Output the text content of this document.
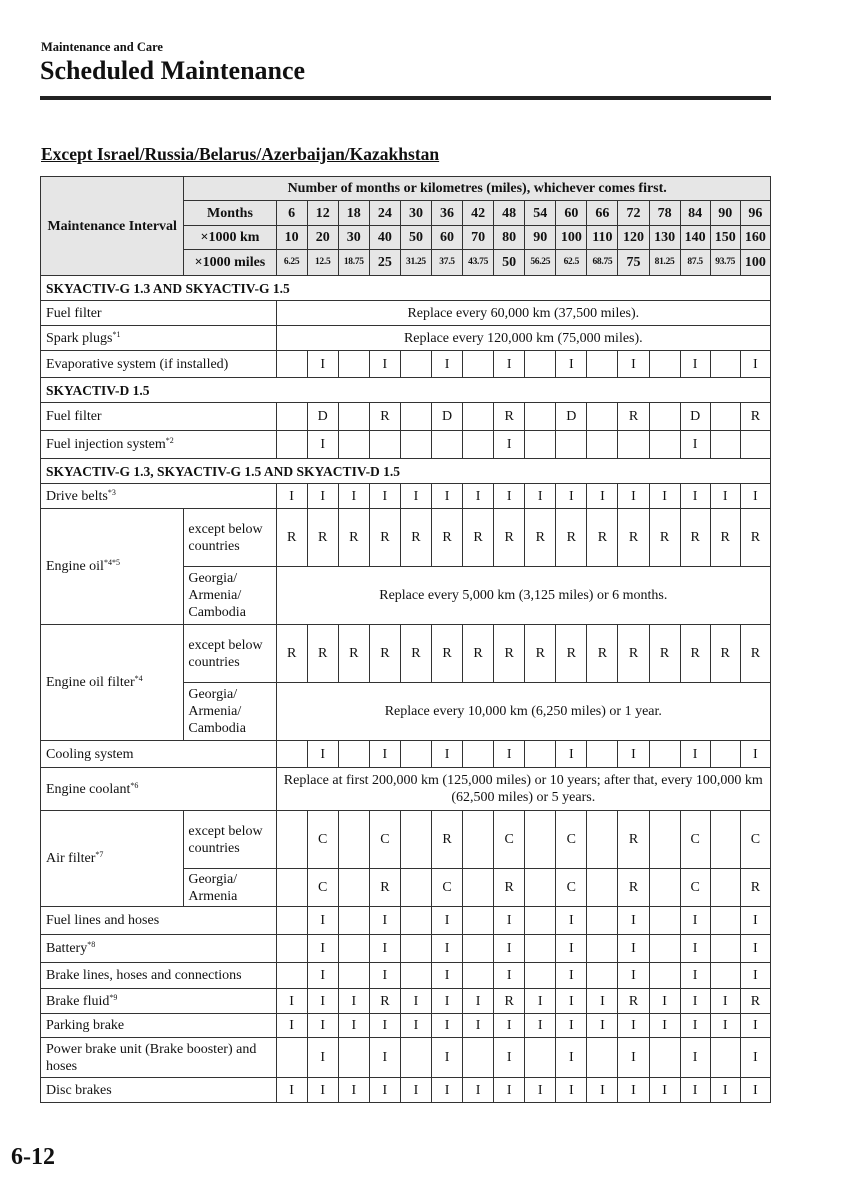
Maintenance and Care
Scheduled Maintenance
Except Israel/Russia/Belarus/Azerbaijan/Kazakhstan
Maintenance Interval	Number of months or kilometres (miles), whichever comes first.																
	Months	6	12	18	24	30	36	42	48	54	60	66	72	78	84	90	96
	×1000 km	10	20	30	40	50	60	70	80	90	100	110	120	130	140	150	160
	×1000 miles	6.25	12.5	18.75	25	31.25	37.5	43.75	50	56.25	62.5	68.75	75	81.25	87.5	93.75	100
SKYACTIV-G 1.3 AND SKYACTIV-G 1.5																	
Fuel filter		Replace every 60,000 km (37,500 miles).															
Spark plugs$^{*1}$		Replace every 120,000 km (75,000 miles).															
Evaporative system (if installed)			I		I		I		I		I		I		I		I
SKYACTIV-D 1.5																	
Fuel filter			D		R		D		R		D		R		D		R
Fuel injection system$^{*2}$			I						I						I		
SKYACTIV-G 1.3, SKYACTIV-G 1.5 AND SKYACTIV-D 1.5																	
Drive belts$^{*3}$		I	I	I	I	I	I	I	I	I	I	I	I	I	I	I	I
Engine oil$^{*4*5}$	except below countries	R	R	R	R	R	R	R	R	R	R	R	R	R	R	R	R
	Georgia/ Armenia/ Cambodia	Replace every 5,000 km (3,125 miles) or 6 months.															
Engine oil filter$^{*4}$	except below countries	R	R	R	R	R	R	R	R	R	R	R	R	R	R	R	R
	Georgia/ Armenia/ Cambodia	Replace every 10,000 km (6,250 miles) or 1 year.															
Cooling system			I		I		I		I		I		I		I		I
Engine coolant$^{*6}$		Replace at first 200,000 km (125,000 miles) or 10 years; after that, every 100,000 km (62,500 miles) or 5 years.															
Air filter$^{*7}$	except below countries		C		C		R		C		C		R		C		C
	Georgia/ Armenia		C		R		C		R		C		R		C		R
Fuel lines and hoses			I		I		I		I		I		I		I		I
Battery$^{*8}$			I		I		I		I		I		I		I		I
Brake lines, hoses and connections			I		I		I		I		I		I		I		I
Brake fluid$^{*9}$		I	I	I	R	I	I	I	R	I	I	I	R	I	I	I	R
Parking brake		I	I	I	I	I	I	I	I	I	I	I	I	I	I	I	I
Power brake unit (Brake booster) and hoses			I		I		I		I		I		I		I		I
Disc brakes		I	I	I	I	I	I	I	I	I	I	I	I	I	I	I	I
6-12
